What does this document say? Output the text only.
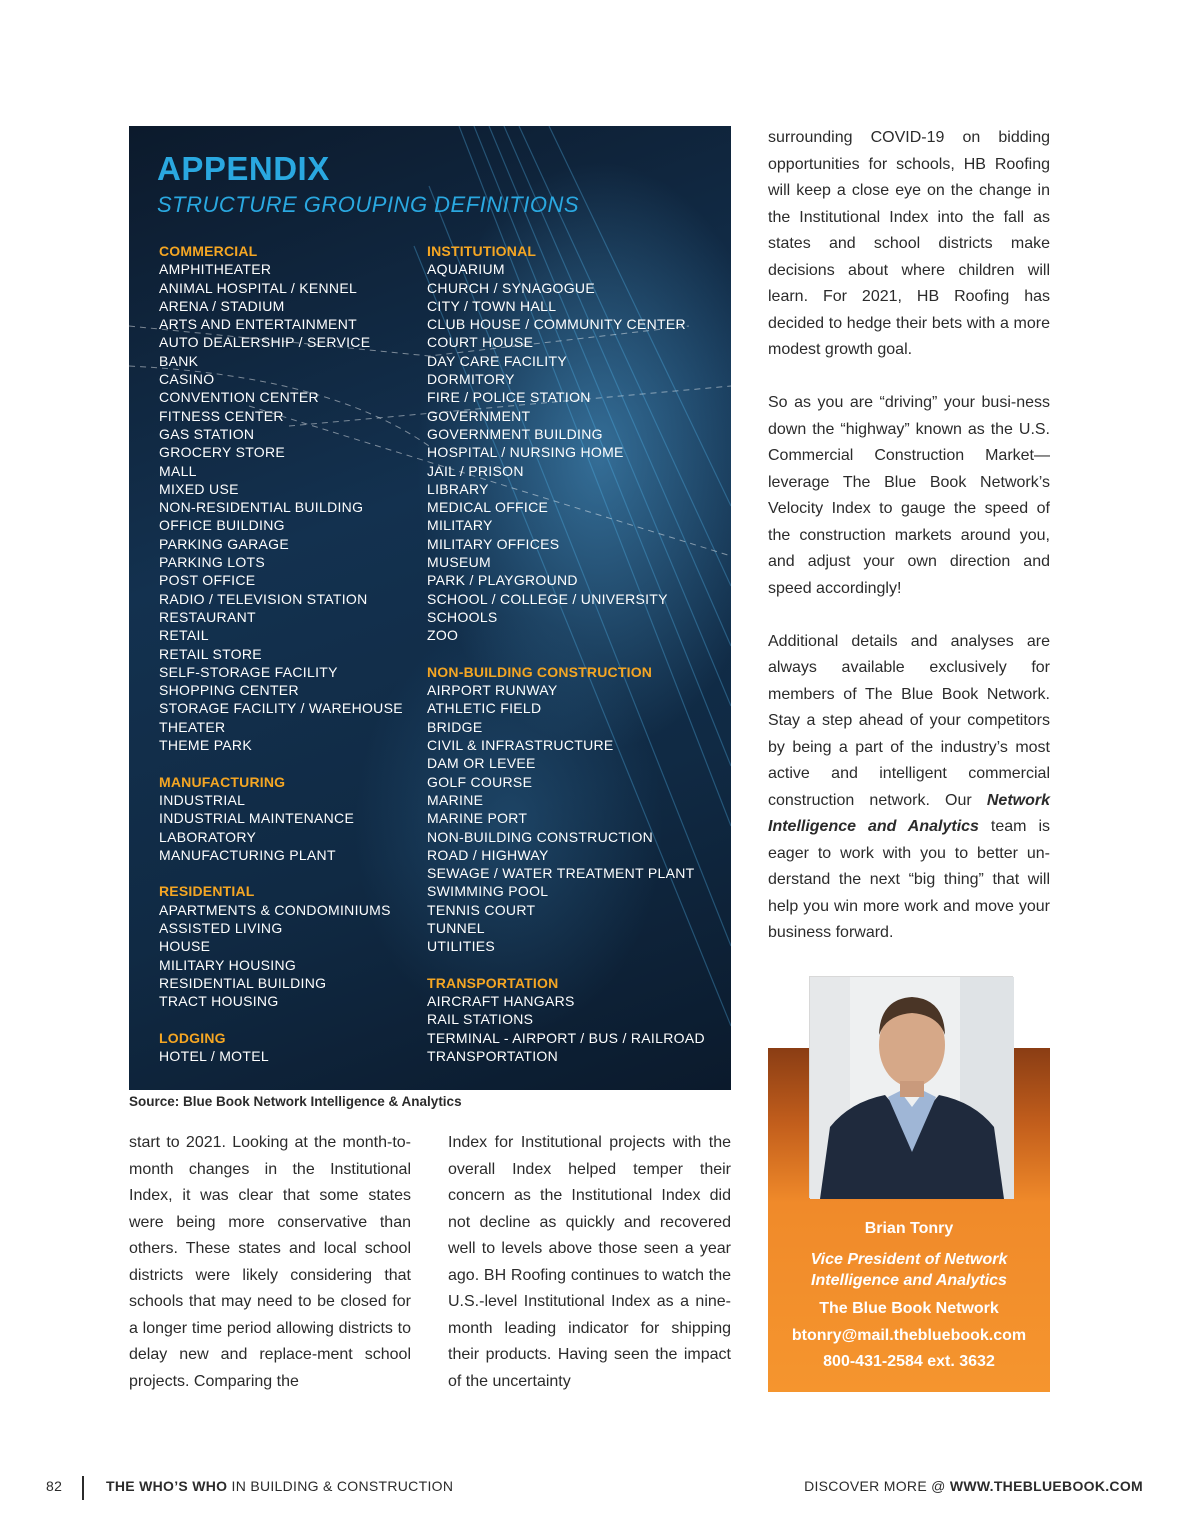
APPENDIX
STRUCTURE GROUPING DEFINITIONS
COMMERCIAL
AMPHITHEATER
ANIMAL HOSPITAL / KENNEL
ARENA / STADIUM
ARTS AND ENTERTAINMENT
AUTO DEALERSHIP / SERVICE
BANK
CASINO
CONVENTION CENTER
FITNESS CENTER
GAS STATION
GROCERY STORE
MALL
MIXED USE
NON-RESIDENTIAL BUILDING
OFFICE BUILDING
PARKING GARAGE
PARKING LOTS
POST OFFICE
RADIO / TELEVISION STATION
RESTAURANT
RETAIL
RETAIL STORE
SELF-STORAGE FACILITY
SHOPPING CENTER
STORAGE FACILITY / WAREHOUSE
THEATER
THEME PARK
MANUFACTURING
INDUSTRIAL
INDUSTRIAL MAINTENANCE
LABORATORY
MANUFACTURING PLANT
RESIDENTIAL
APARTMENTS & CONDOMINIUMS
ASSISTED LIVING
HOUSE
MILITARY HOUSING
RESIDENTIAL BUILDING
TRACT HOUSING
LODGING
HOTEL / MOTEL
INSTITUTIONAL
AQUARIUM
CHURCH / SYNAGOGUE
CITY / TOWN HALL
CLUB HOUSE / COMMUNITY CENTER
COURT HOUSE
DAY CARE FACILITY
DORMITORY
FIRE / POLICE STATION
GOVERNMENT
GOVERNMENT BUILDING
HOSPITAL / NURSING HOME
JAIL / PRISON
LIBRARY
MEDICAL OFFICE
MILITARY
MILITARY OFFICES
MUSEUM
PARK / PLAYGROUND
SCHOOL / COLLEGE / UNIVERSITY
SCHOOLS
ZOO
NON-BUILDING CONSTRUCTION
AIRPORT RUNWAY
ATHLETIC FIELD
BRIDGE
CIVIL & INFRASTRUCTURE
DAM OR LEVEE
GOLF COURSE
MARINE
MARINE PORT
NON-BUILDING CONSTRUCTION
ROAD / HIGHWAY
SEWAGE / WATER TREATMENT PLANT
SWIMMING POOL
TENNIS COURT
TUNNEL
UTILITIES
TRANSPORTATION
AIRCRAFT HANGARS
RAIL STATIONS
TERMINAL - AIRPORT / BUS / RAILROAD
TRANSPORTATION
Source: Blue Book Network Intelligence & Analytics

start to 2021. Looking at the month-to-month changes in the Institutional Index, it was clear that some states were being more conservative than others. These states and local school districts were likely considering that schools that may need to be closed for a longer time period allowing districts to delay new and replace-ment school projects. Comparing the

Index for Institutional projects with the overall Index helped temper their concern as the Institutional Index did not decline as quickly and recovered well to levels above those seen a year ago. BH Roofing continues to watch the U.S.-level Institutional Index as a nine-month leading indicator for shipping their products. Having seen the impact of the uncertainty

surrounding COVID-19 on bidding opportunities for schools, HB Roofing will keep a close eye on the change in the Institutional Index into the fall as states and school districts make decisions about where children will learn. For 2021, HB Roofing has decided to hedge their bets with a more modest growth goal.

So as you are “driving” your busi-ness down the “highway” known as the U.S. Commercial Construction Market—leverage The Blue Book Network’s Velocity Index to gauge the speed of the construction markets around you, and adjust your own direction and speed accordingly!

Additional details and analyses are always available exclusively for members of The Blue Book Network. Stay a step ahead of your competitors by being a part of the industry’s most active and intelligent commercial construction network. Our Network Intelligence and Analytics team is eager to work with you to better un-derstand the next “big thing” that will help you win more work and move your business forward.

Brian Tonry
Vice President of Network
Intelligence and Analytics
The Blue Book Network
btonry@mail.thebluebook.com
800-431-2584 ext. 3632
82	THE WHO’S WHO IN BUILDING & CONSTRUCTION	DISCOVER MORE @ WWW.THEBLUEBOOK.COM
